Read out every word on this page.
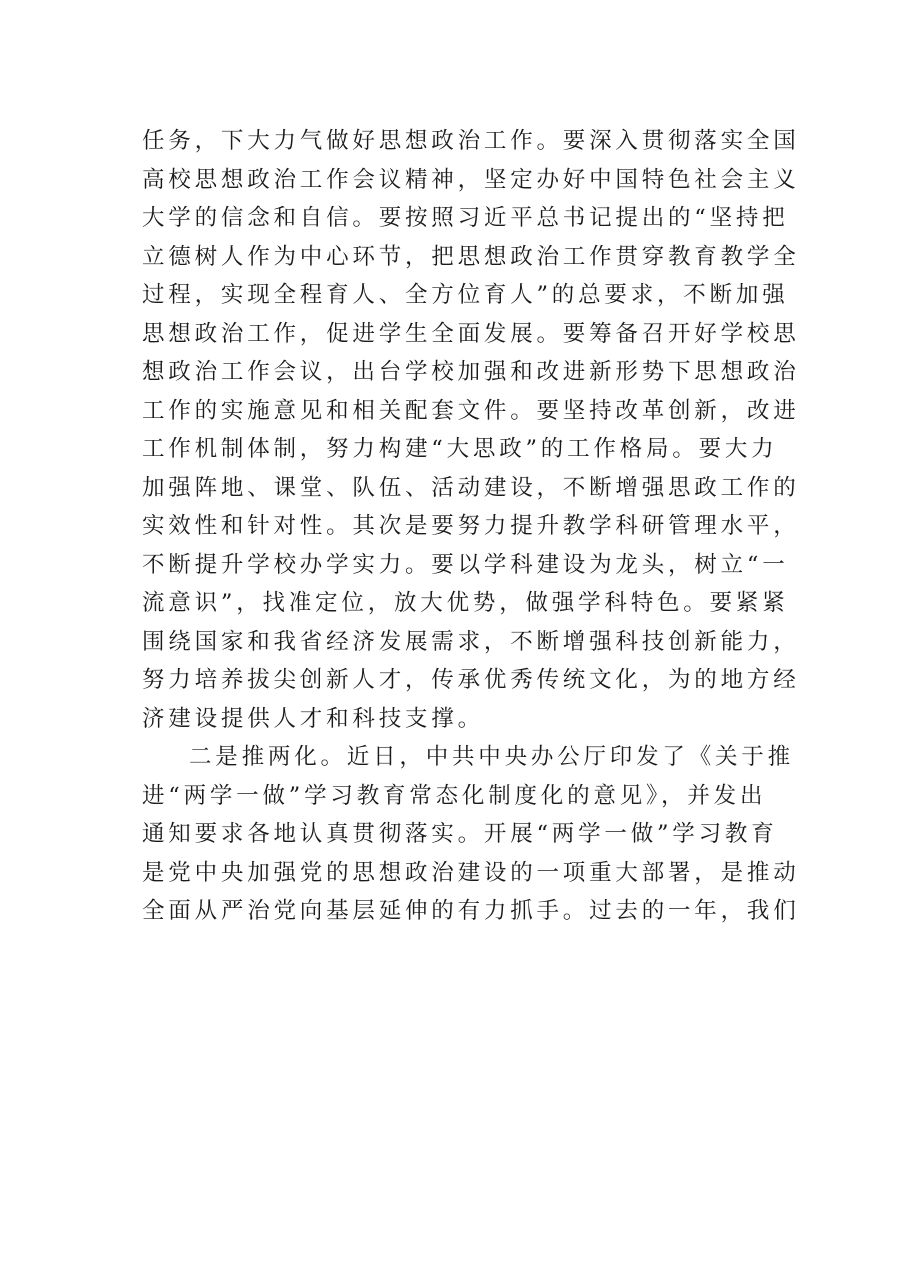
任务，下大力气做好思想政治工作。要深入贯彻落实全国
高校思想政治工作会议精神，坚定办好中国特色社会主义
大学的信念和自信。要按照习近平总书记提出的“坚持把
立德树人作为中心环节，把思想政治工作贯穿教育教学全
过程，实现全程育人、全方位育人”的总要求，不断加强
思想政治工作，促进学生全面发展。要筹备召开好学校思
想政治工作会议，出台学校加强和改进新形势下思想政治
工作的实施意见和相关配套文件。要坚持改革创新，改进
工作机制体制，努力构建“大思政”的工作格局。要大力
加强阵地、课堂、队伍、活动建设，不断增强思政工作的
实效性和针对性。其次是要努力提升教学科研管理水平，
不断提升学校办学实力。要以学科建设为龙头，树立“一
流意识”，找准定位，放大优势，做强学科特色。要紧紧
围绕国家和我省经济发展需求，不断增强科技创新能力，
努力培养拔尖创新人才，传承优秀传统文化，为的地方经
济建设提供人才和科技支撑。
二是推两化。近日，中共中央办公厅印发了《关于推
进“两学一做”学习教育常态化制度化的意见》，并发出
通知要求各地认真贯彻落实。开展“两学一做”学习教育
是党中央加强党的思想政治建设的一项重大部署，是推动
全面从严治党向基层延伸的有力抓手。过去的一年，我们
